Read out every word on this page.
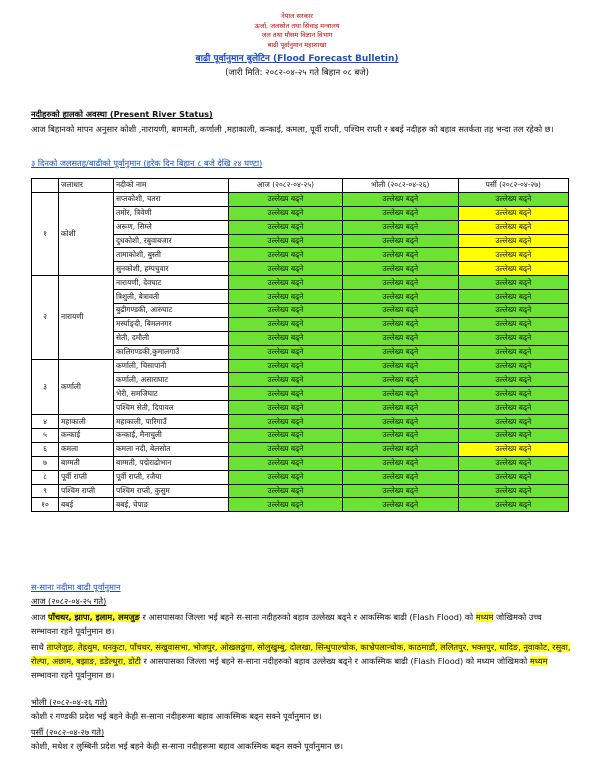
नेपाल सरकार
ऊर्जा, जलस्रोत तथा सिंचाइ मन्त्रालय
जल तथा मौसम विज्ञान विभाग
बाढी पूर्वानुमान महाशाखा
बाढी पूर्वानुमान बुलेटिन (Flood Forecast Bulletin)
(जारी मिति: २०८२-०४-२५ गते बिहान ०८ बजे)
नदीहरुको हालको अवस्था (Present River Status)
आज बिहानको मापन अनुसार कोशी ,नारायणी, बागमती, कर्णाली ,महाकाली, कन्काई, कमला, पूर्वी राप्ती, पश्चिम राप्ती र बबई नदीहरु को बहाव सतर्कता तह भन्दा तल रहेको छ।
३ दिनको जलसतह/बाढीको पूर्वानुमान (हरेक दिन बिहान ८ बजे देखि २४ घण्टा)
	जलाधार	नदीको नाम	आज (२०८२-०४-२५)	भोली (२०८२-०४-२६)	पर्सी (२०८२-०४-२७)
१	कोशी	सप्तकोशी, चतरा	उल्लेख्य बढ्ने	उल्लेख्य बढ्ने	उल्लेख्य बढ्ने
		तमोर, त्रिवेणी	उल्लेख्य बढ्ने	उल्लेख्य बढ्ने	उल्लेख्य बढ्ने
		अरूण, सिम्ले	उल्लेख्य बढ्ने	उल्लेख्य बढ्ने	उल्लेख्य बढ्ने
		दुधकोशी, रबुवाबजार	उल्लेख्य बढ्ने	उल्लेख्य बढ्ने	उल्लेख्य बढ्ने
		तामाकोशी, बुस्ती	उल्लेख्य बढ्ने	उल्लेख्य बढ्ने	उल्लेख्य बढ्ने
		सुनकोशी, हम्पचुवार	उल्लेख्य बढ्ने	उल्लेख्य बढ्ने	उल्लेख्य बढ्ने
२	नारायणी	नारायणी, देवघाट	उल्लेख्य बढ्ने	उल्लेख्य बढ्ने	उल्लेख्य बढ्ने
		त्रिशुली, बेत्रावती	उल्लेख्य बढ्ने	उल्लेख्य बढ्ने	उल्लेख्य बढ्ने
		बुढीगण्डकी, आरुघाट	उल्लेख्य बढ्ने	उल्लेख्य बढ्ने	उल्लेख्य बढ्ने
		मर्स्याङ्दी, बिमलनगर	उल्लेख्य बढ्ने	उल्लेख्य बढ्ने	उल्लेख्य बढ्ने
		सेती, दमौली	उल्लेख्य बढ्ने	उल्लेख्य बढ्ने	उल्लेख्य बढ्ने
		कालिगण्डकी,कुमालगाउँ	उल्लेख्य बढ्ने	उल्लेख्य बढ्ने	उल्लेख्य बढ्ने
३	कर्णाली	कर्णाली, चिसापानी	उल्लेख्य बढ्ने	उल्लेख्य बढ्ने	उल्लेख्य बढ्ने
		कर्णाली, असाराघाट	उल्लेख्य बढ्ने	उल्लेख्य बढ्ने	उल्लेख्य बढ्ने
		भेरी, समजिघाट	उल्लेख्य बढ्ने	उल्लेख्य बढ्ने	उल्लेख्य बढ्ने
		पश्चिम सेती, दिपायल	उल्लेख्य बढ्ने	उल्लेख्य बढ्ने	उल्लेख्य बढ्ने
४	महाकाली	महाकाली, पारिगाउँ	उल्लेख्य बढ्ने	उल्लेख्य बढ्ने	उल्लेख्य बढ्ने
५	कन्काई	कन्काई, मैनाचुली	उल्लेख्य बढ्ने	उल्लेख्य बढ्ने	उल्लेख्य बढ्ने
६	कमला	कमला नदी, बेलसोत	उल्लेख्य बढ्ने	उल्लेख्य बढ्ने	उल्लेख्य बढ्ने
७	बाग्मती	बाग्मती, पद्मेराढोभान	उल्लेख्य बढ्ने	उल्लेख्य बढ्ने	उल्लेख्य बढ्ने
८	पूर्वी राप्ती	पूर्वी राप्ती, रजैया	उल्लेख्य बढ्ने	उल्लेख्य बढ्ने	उल्लेख्य बढ्ने
९	पश्चिम राप्ती	पश्चिम राप्ती, कुसुम	उल्लेख्य बढ्ने	उल्लेख्य बढ्ने	उल्लेख्य बढ्ने
१०	बबई	बबई, चेपाङ	उल्लेख्य बढ्ने	उल्लेख्य बढ्ने	उल्लेख्य बढ्ने
स-साना नदीमा बाढी पूर्वानुमान
आज (२०८२-०४-२५ गते)
आज पाँचथर, झापा, इलाम, लमजुङ र आसपासका जिल्ला भई बहने स-साना नदीहरुको बहाव उल्लेख्य बढ्ने र आकस्मिक बाढी (Flash Flood) को मध्यम जोखिमको उच्च सम्भावना रहने पूर्वानुमान छ।
साथै ताप्लेजुङ, तेह्रथुम, धनकुटा, पाँचथर, संखुवासभा, भोजपुर, ओखलढुंगा, सोलुखुम्बु, दोलखा, सिन्धुपाल्चोक, काभ्रेपलान्चोक, काठमाडौं, ललितपुर, भक्तपुर, धादिङ, नुवाकोट, रसुवा, रोल्पा, अछाम, बझाङ, डडेल्धुरा, डोटी र आसपासका जिल्ला भई बहने स-साना नदीहरुको बहाव उल्लेख्य बढ्ने र आकस्मिक बाढी (Flash Flood) को मध्यम जोखिमको मध्यम सम्भावना रहने पूर्वानुमान छ।
भोली (२०८२-०४-२६ गते)
कोशी र गण्डकी प्रदेश भई बहने केही स-साना नदीहरूमा बहाव आकस्मिक बढ्न सक्ने पूर्वानुमान छ।
पर्सी (२०८२-०४-२७ गते)
कोशी, मधेश र लुम्बिनी प्रदेश भई बहने केही स-साना नदीहरूमा बहाव आकस्मिक बढ्न सक्ने पूर्वानुमान छ।
